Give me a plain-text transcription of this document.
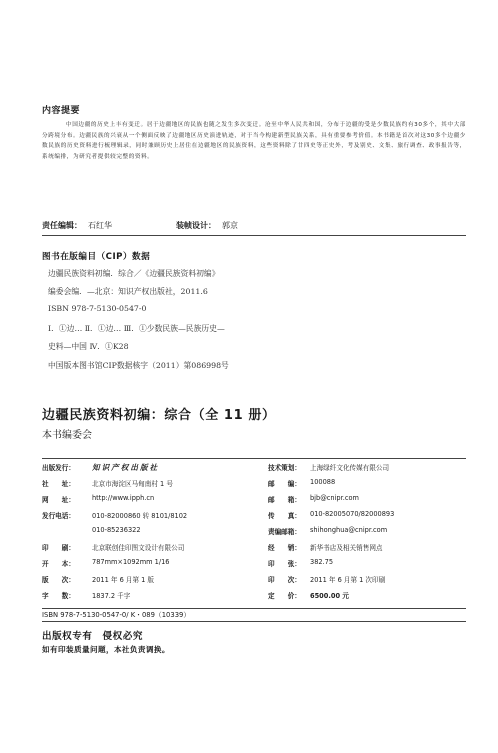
内容提要

中国边疆的历史上丰有变迁。居于边疆地区的民族也随之发生多次变迁。沧至中华人民共和国，分布于边疆的受是少数民族约有30多个，其中大部分跨境分布。边疆民族的兴衰从一个侧面反映了边疆地区历史演进轨迹，对于当今构建新型民族关系，具有重要参考价值。本书籍是首次对这30多个边疆少数民族的历史资料进行梳理辑录，同时兼顾历史上居住在边疆地区的民族资料，这些资料除了廿四史等正史外，考及别史、文集、旅行调查、政事报告等，系统编排，为研究者提供较完整的资料。

责任编辑： 石红华	装帧设计： 郭京
图书在版编目（CIP）数据
边疆民族资料初编．综合／《边疆民族资料初编》
编委会编．—北京：知识产权出版社，2011.6
ISBN 978-7-5130-0547-0
Ⅰ．①边… Ⅱ．①边… Ⅲ．①少数民族—民族历史—
史料—中国 Ⅳ．①K28
中国版本图书馆CIP数据核字（2011）第086998号
边疆民族资料初编：综合（全 11 册）
本书编委会
出版发行： 知识产权出版社	技术策划： 上海绿纤文化传媒有限公司
社　　址：	北京市海淀区马甸南村 1 号	邮　　编： 100088
网　　址：	http://www.ipph.cn	邮　　箱： bjb@cnipr.com
发行电话：	010-82000860 转 8101/8102	传　　真： 010-82005070/82000893
010-85236322	责编邮箱： shihonghua@cnipr.com
印　　刷：	北京联创佳印图文设计有限公司	经　　销： 新华书店及相关销售网点
开　　本：	787mm×1092mm 1/16	印　　张： 382.75
版　　次：	2011 年 6 月第 1 版	印　　次： 2011 年 6 月第 1 次印刷
字　　数：	1837.2 千字	定　　价： 6500.00 元
ISBN 978-7-5130-0547-0/ K・089（10339）
出版权专有　侵权必究
如有印装质量问题，本社负责调换。
